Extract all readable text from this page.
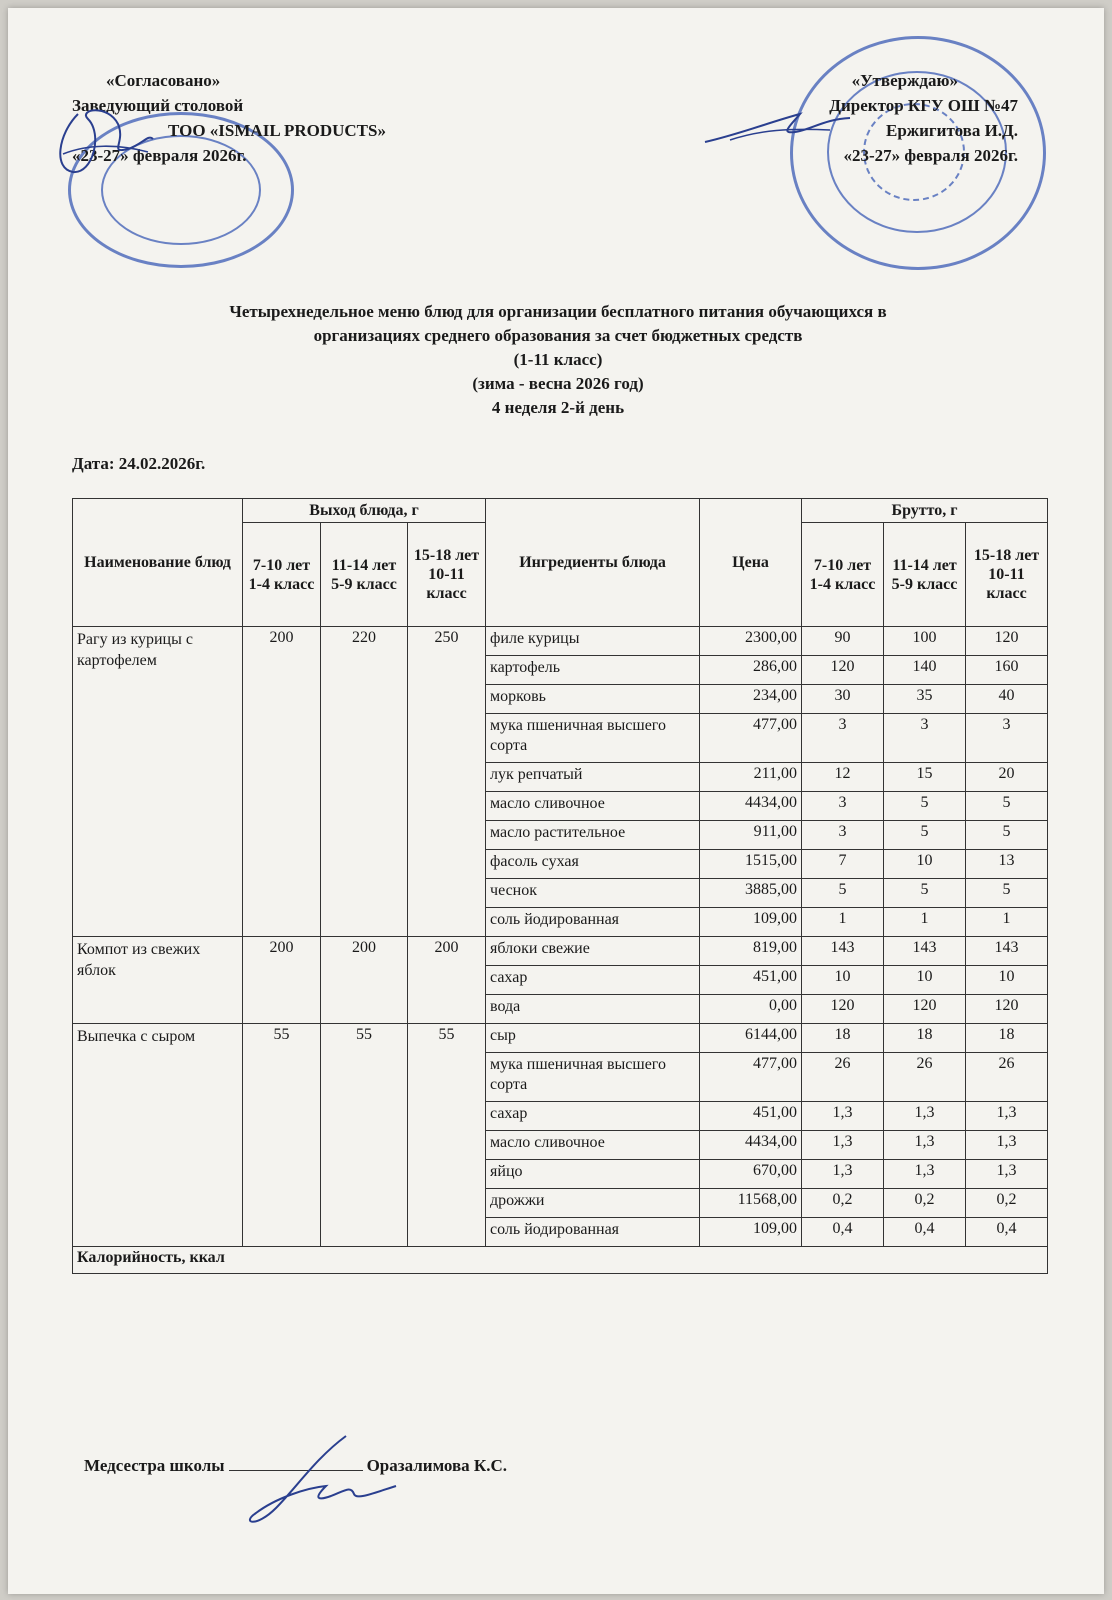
«Согласовано»
Заведующий столовой
ТОО «ISMAIL PRODUCTS»
«23-27» февраля 2026г.
«Утверждаю»
Директор КГУ ОШ №47
Ержигитова И.Д.
«23-27» февраля 2026г.
Четырехнедельное меню блюд для организации бесплатного питания обучающихся в
организациях среднего образования за счет бюджетных средств
(1-11 класс)
(зима - весна 2026 год)
4 неделя 2-й день
Дата: 24.02.2026г.
Наименование блюд	Выход блюда, г			Ингредиенты блюда	Цена	Брутто, г		
	7-10 лет 1-4 класс	11-14 лет 5-9 класс	15-18 лет 10-11 класс			7-10 лет 1-4 класс	11-14 лет 5-9 класс	15-18 лет 10-11 класс
Рагу из курицы с картофелем	200	220	250	филе курицы	2300,00	90	100	120
				картофель	286,00	120	140	160
				морковь	234,00	30	35	40
				мука пшеничная высшего сорта	477,00	3	3	3
				лук репчатый	211,00	12	15	20
				масло сливочное	4434,00	3	5	5
				масло растительное	911,00	3	5	5
				фасоль сухая	1515,00	7	10	13
				чеснок	3885,00	5	5	5
				соль йодированная	109,00	1	1	1
Компот из свежих яблок	200	200	200	яблоки свежие	819,00	143	143	143
				сахар	451,00	10	10	10
				вода	0,00	120	120	120
Выпечка с сыром	55	55	55	сыр	6144,00	18	18	18
				мука пшеничная высшего сорта	477,00	26	26	26
				сахар	451,00	1,3	1,3	1,3
				масло сливочное	4434,00	1,3	1,3	1,3
				яйцо	670,00	1,3	1,3	1,3
				дрожжи	11568,00	0,2	0,2	0,2
				соль йодированная	109,00	0,4	0,4	0,4
Калорийность, ккал								
Медсестра школы	Оразалимова К.С.
